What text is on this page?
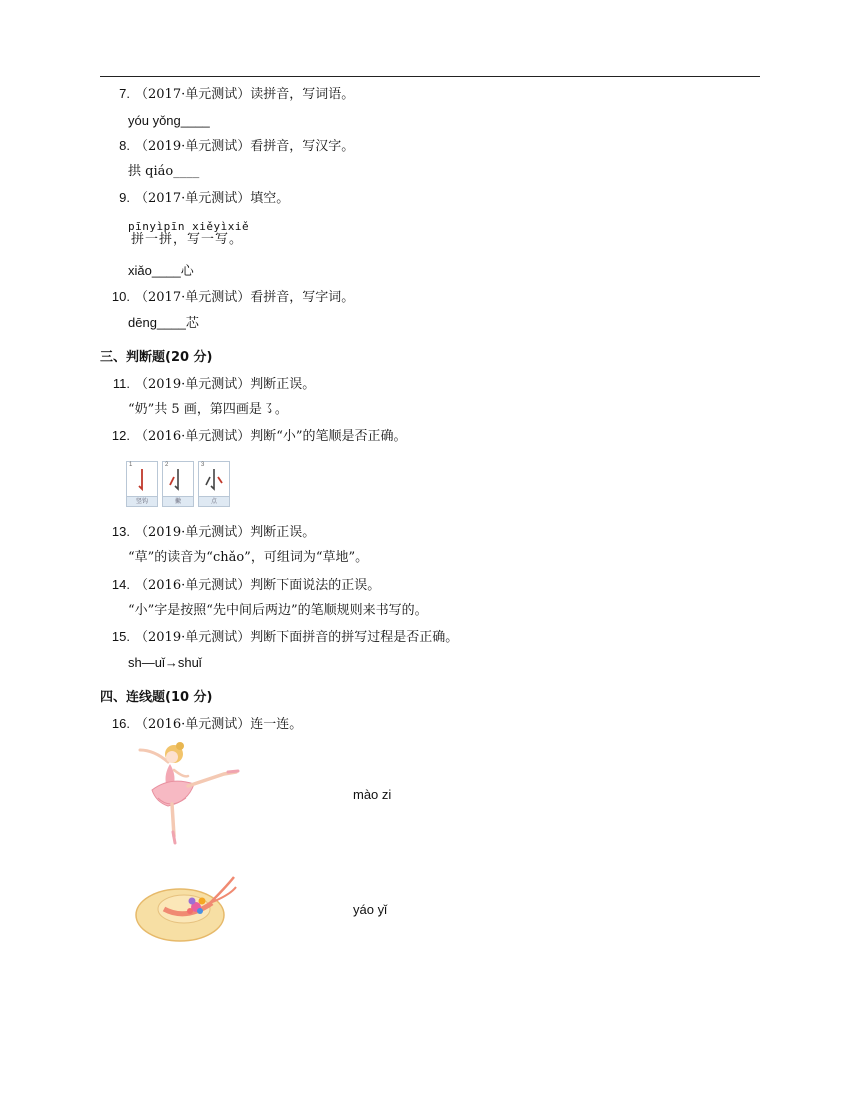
7. （2017·单元测试）读拼音，写词语。
yóu yǒng____
8. （2019·单元测试）看拼音，写汉字。
拱 qiáo____
9. （2017·单元测试）填空。
pīnyìpīn xiěyìxiě
拼一拼，写一写。
xiǎo____心
10. （2017·单元测试）看拼音，写字词。
dēng____芯
三、判断题(20 分)
11. （2019·单元测试）判断正误。
“奶”共 5 画，第四画是㇌。
12. （2016·单元测试）判断“小”的笔顺是否正确。
1
竖钩
2
撇
3
点
13. （2019·单元测试）判断正误。
“草”的读音为“chǎo”，可组词为“草地”。
14. （2016·单元测试）判断下面说法的正误。
“小”字是按照“先中间后两边”的笔顺规则来书写的。
15. （2019·单元测试）判断下面拼音的拼写过程是否正确。
sh—uǐ→shuǐ
四、连线题(10 分)
16. （2016·单元测试）连一连。
mào zi
yáo yǐ
